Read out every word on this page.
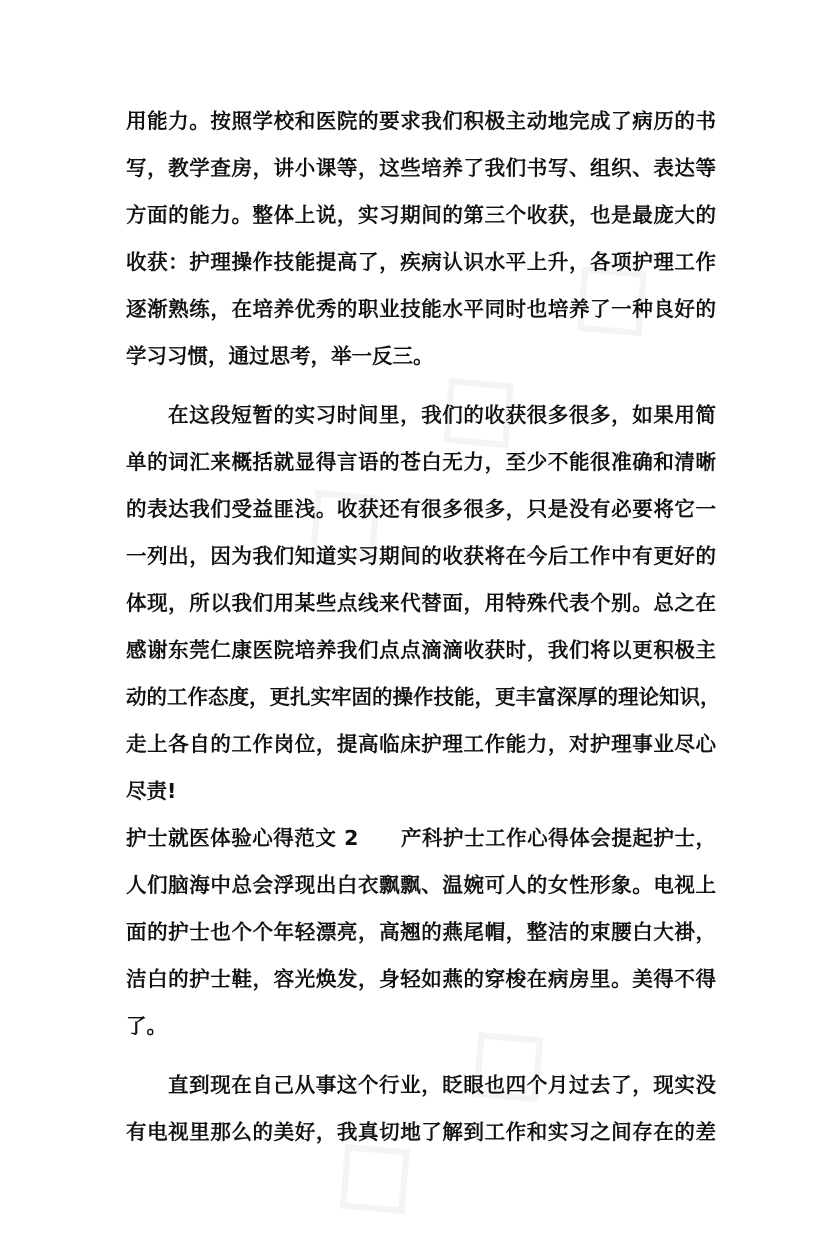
用能力。按照学校和医院的要求我们积极主动地完成了病历的书
写，教学查房，讲小课等，这些培养了我们书写、组织、表达等
方面的能力。整体上说，实习期间的第三个收获，也是最庞大的
收获：护理操作技能提高了，疾病认识水平上升，各项护理工作
逐渐熟练，在培养优秀的职业技能水平同时也培养了一种良好的
学习习惯，通过思考，举一反三。
在这段短暂的实习时间里，我们的收获很多很多，如果用简
单的词汇来概括就显得言语的苍白无力，至少不能很准确和清晰
的表达我们受益匪浅。收获还有很多很多，只是没有必要将它一
一列出，因为我们知道实习期间的收获将在今后工作中有更好的
体现，所以我们用某些点线来代替面，用特殊代表个别。总之在
感谢东莞仁康医院培养我们点点滴滴收获时，我们将以更积极主
动的工作态度，更扎实牢固的操作技能，更丰富深厚的理论知识，
走上各自的工作岗位，提高临床护理工作能力，对护理事业尽心
尽责!
护士就医体验心得范文 2　　产科护士工作心得体会提起护士，
人们脑海中总会浮现出白衣飘飘、温婉可人的女性形象。电视上
面的护士也个个年轻漂亮，高翘的燕尾帽，整洁的束腰白大褂，
洁白的护士鞋，容光焕发，身轻如燕的穿梭在病房里。美得不得
了。
直到现在自己从事这个行业，眨眼也四个月过去了，现实没
有电视里那么的美好，我真切地了解到工作和实习之间存在的差
